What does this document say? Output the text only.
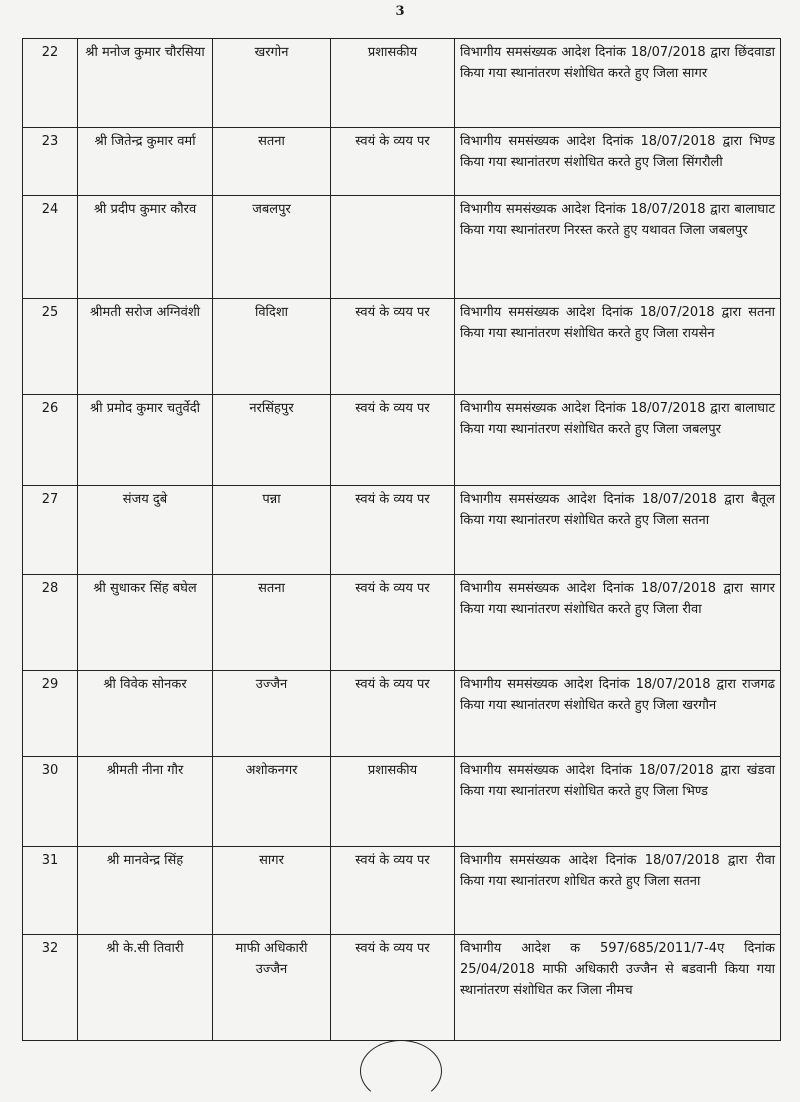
3
22	श्री मनोज कुमार चौरसिया	खरगोन	प्रशासकीय	विभागीय समसंख्यक आदेश दिनांक 18/07/2018 द्वारा छिंदवाडा किया गया स्थानांतरण संशोधित करते हुए जिला सागर
23	श्री जितेन्द्र कुमार वर्मा	सतना	स्वयं के व्यय पर	विभागीय समसंख्यक आदेश दिनांक 18/07/2018 द्वारा भिण्ड किया गया स्थानांतरण संशोधित करते हुए जिला सिंगरौली
24	श्री प्रदीप कुमार कौरव	जबलपुर		विभागीय समसंख्यक आदेश दिनांक 18/07/2018 द्वारा बालाघाट किया गया स्थानांतरण निरस्त करते हुए यथावत जिला जबलपुर
25	श्रीमती सरोज अग्निवंशी	विदिशा	स्वयं के व्यय पर	विभागीय समसंख्यक आदेश दिनांक 18/07/2018 द्वारा सतना किया गया स्थानांतरण संशोधित करते हुए जिला रायसेन
26	श्री प्रमोद कुमार चतुर्वेदी	नरसिंहपुर	स्वयं के व्यय पर	विभागीय समसंख्यक आदेश दिनांक 18/07/2018 द्वारा बालाघाट किया गया स्थानांतरण संशोधित करते हुए जिला जबलपुर
27	संजय दुबे	पन्ना	स्वयं के व्यय पर	विभागीय समसंख्यक आदेश दिनांक 18/07/2018 द्वारा बैतूल किया गया स्थानांतरण संशोधित करते हुए जिला सतना
28	श्री सुधाकर सिंह बघेल	सतना	स्वयं के व्यय पर	विभागीय समसंख्यक आदेश दिनांक 18/07/2018 द्वारा सागर किया गया स्थानांतरण संशोधित करते हुए जिला रीवा
29	श्री विवेक सोनकर	उज्जैन	स्वयं के व्यय पर	विभागीय समसंख्यक आदेश दिनांक 18/07/2018 द्वारा राजगढ किया गया स्थानांतरण संशोधित करते हुए जिला खरगौन
30	श्रीमती नीना गौर	अशोकनगर	प्रशासकीय	विभागीय समसंख्यक आदेश दिनांक 18/07/2018 द्वारा खंडवा किया गया स्थानांतरण संशोधित करते हुए जिला भिण्ड
31	श्री मानवेन्द्र सिंह	सागर	स्वयं के व्यय पर	विभागीय समसंख्यक आदेश दिनांक 18/07/2018 द्वारा रीवा किया गया स्थानांतरण शोधित करते हुए जिला सतना
32	श्री के.सी तिवारी	माफी अधिकारी उज्जैन	स्वयं के व्यय पर	विभागीय आदेश क 597/685/2011/7-4ए दिनांक 25/04/2018 माफी अधिकारी उज्जैन से बडवानी किया गया स्थानांतरण संशोधित कर जिला नीमच
